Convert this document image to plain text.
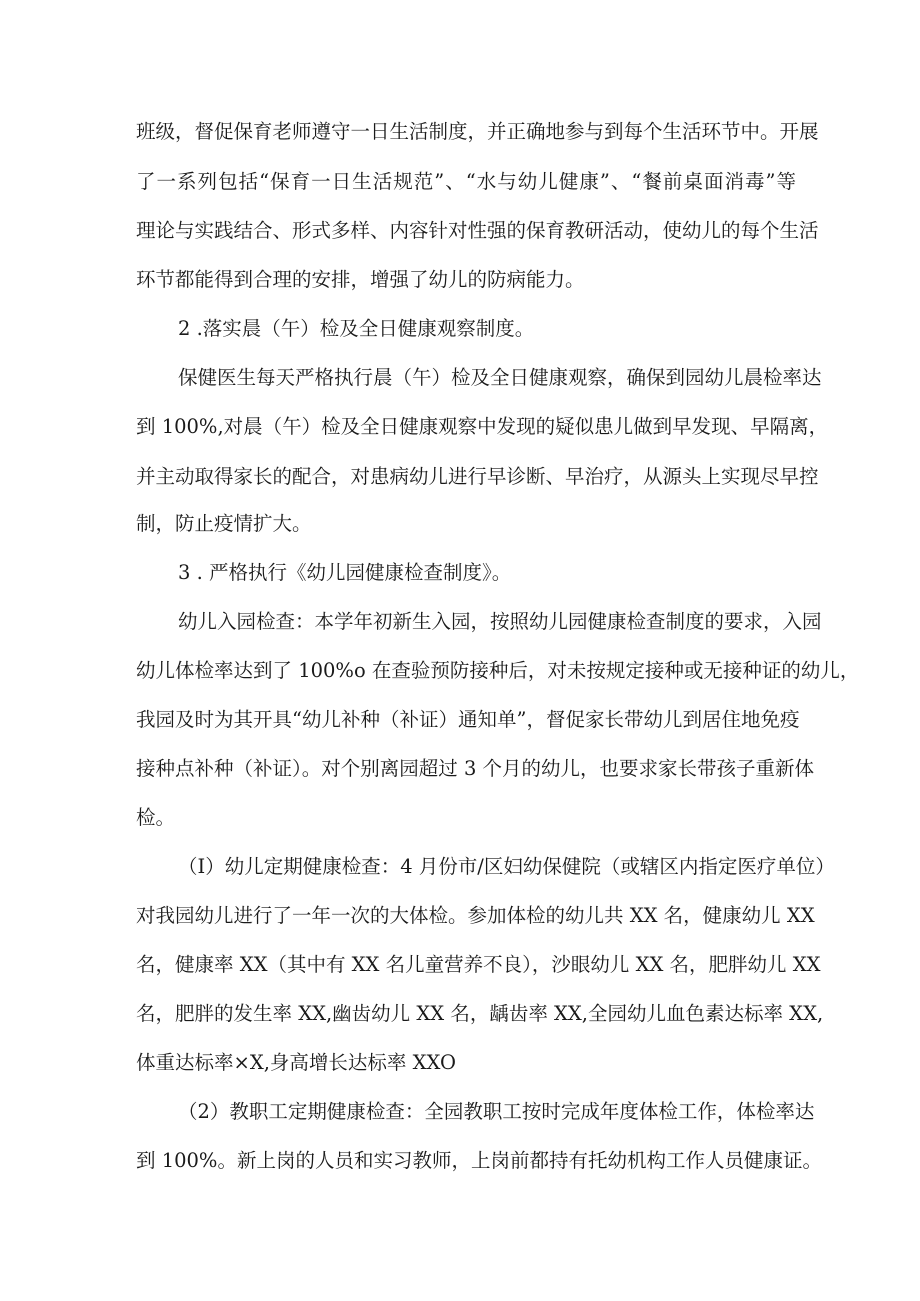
班级，督促保育老师遵守一日生活制度，并正确地参与到每个生活环节中。开展
了一系列包括“保育一日生活规范”、“水与幼儿健康”、“餐前桌面消毒”等
理论与实践结合、形式多样、内容针对性强的保育教研活动，使幼儿的每个生活
环节都能得到合理的安排，增强了幼儿的防病能力。
2 .落实晨（午）检及全日健康观察制度。
保健医生每天严格执行晨（午）检及全日健康观察，确保到园幼儿晨检率达
到 100%,对晨（午）检及全日健康观察中发现的疑似患儿做到早发现、早隔离，
并主动取得家长的配合，对患病幼儿进行早诊断、早治疗，从源头上实现尽早控
制，防止疫情扩大。
3 . 严格执行《幼儿园健康检查制度》。
幼儿入园检查：本学年初新生入园，按照幼儿园健康检查制度的要求，入园
幼儿体检率达到了 100%o 在查验预防接种后，对未按规定接种或无接种证的幼儿，
我园及时为其开具“幼儿补种（补证）通知单”，督促家长带幼儿到居住地免疫
接种点补种（补证）。对个别离园超过 3 个月的幼儿，也要求家长带孩子重新体
检。
（I）幼儿定期健康检查：4 月份市/区妇幼保健院（或辖区内指定医疗单位）
对我园幼儿进行了一年一次的大体检。参加体检的幼儿共 XX 名，健康幼儿 XX
名，健康率 XX（其中有 XX 名儿童营养不良），沙眼幼儿 XX 名，肥胖幼儿 XX
名，肥胖的发生率 XX,幽齿幼儿 XX 名，龋齿率 XX,全园幼儿血色素达标率 XX,
体重达标率×X,身高增长达标率 XXO
（2）教职工定期健康检查：全园教职工按时完成年度体检工作，体检率达
到 100%。新上岗的人员和实习教师，上岗前都持有托幼机构工作人员健康证。
